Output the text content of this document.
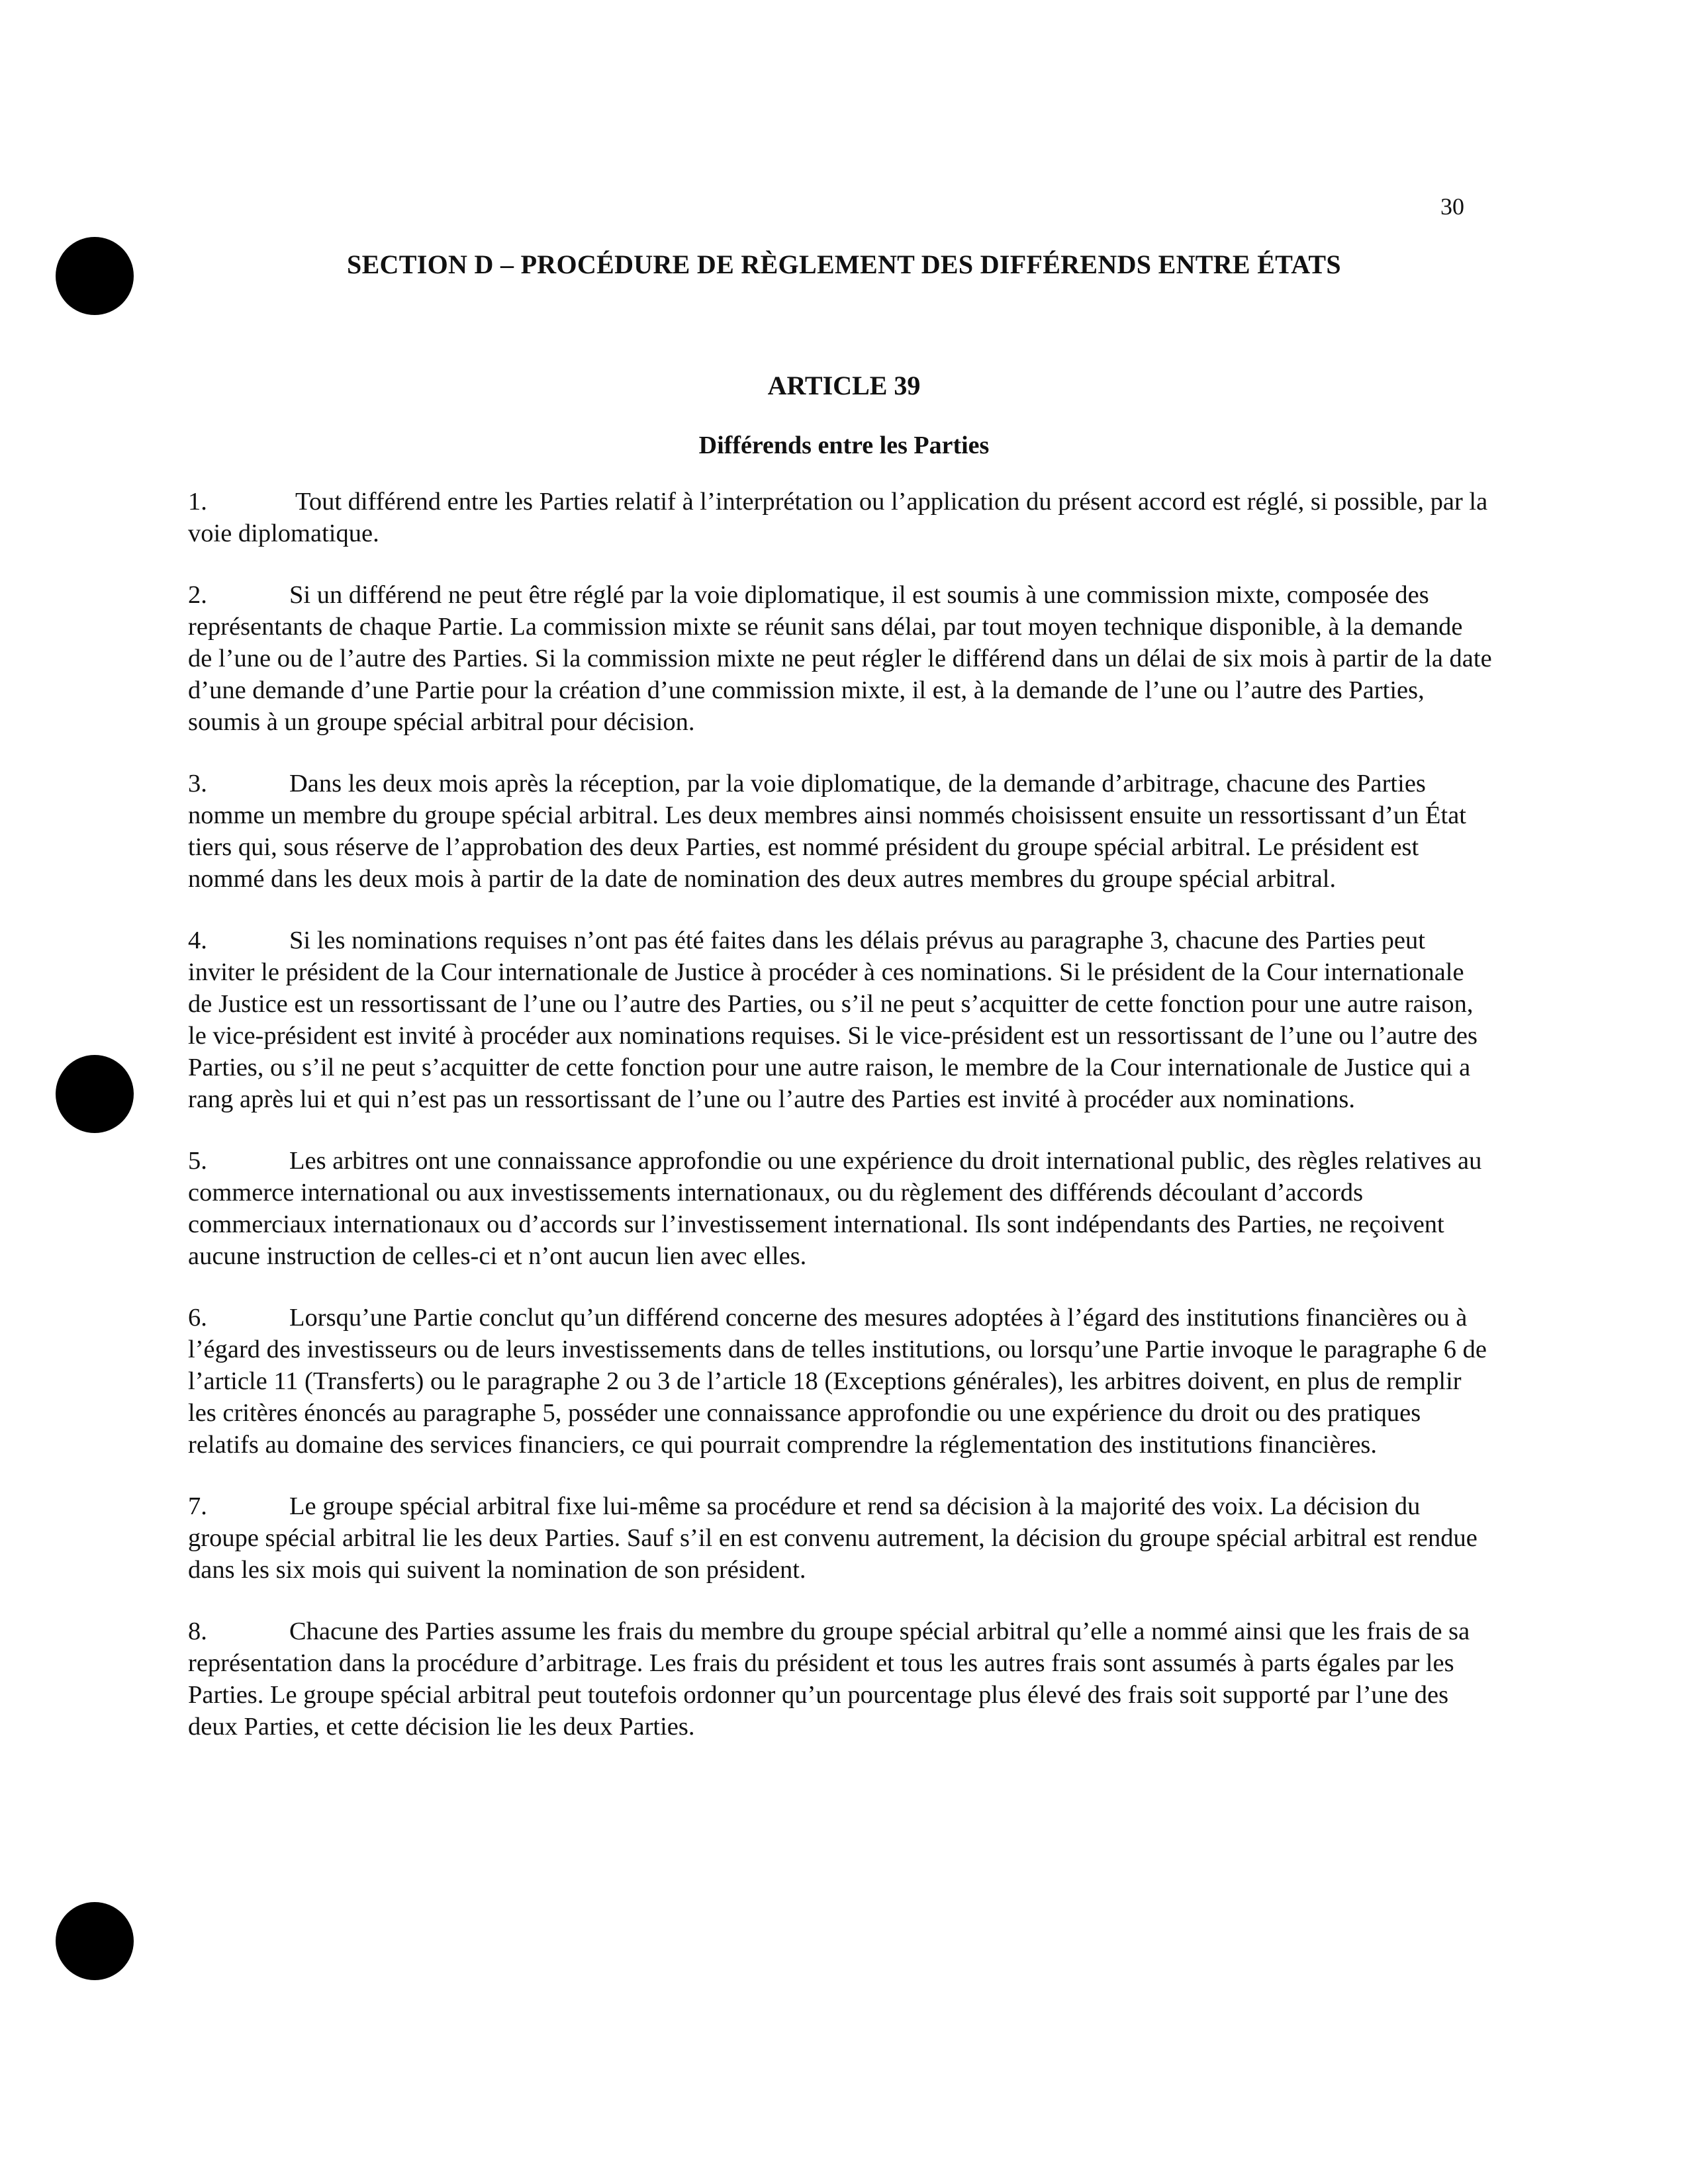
30
SECTION D – PROCÉDURE DE RÈGLEMENT DES DIFFÉRENDS ENTRE ÉTATS
ARTICLE 39
Différends entre les Parties

1.	Tout différend entre les Parties relatif à l’interprétation ou l’application du présent accord est réglé, si possible, par la voie diplomatique.

2.	Si un différend ne peut être réglé par la voie diplomatique, il est soumis à une commission mixte, composée des représentants de chaque Partie. La commission mixte se réunit sans délai, par tout moyen technique disponible, à la demande de l’une ou de l’autre des Parties. Si la commission mixte ne peut régler le différend dans un délai de six mois à partir de la date d’une demande d’une Partie pour la création d’une commission mixte, il est, à la demande de l’une ou l’autre des Parties, soumis à un groupe spécial arbitral pour décision.

3.	Dans les deux mois après la réception, par la voie diplomatique, de la demande d’arbitrage, chacune des Parties nomme un membre du groupe spécial arbitral. Les deux membres ainsi nommés choisissent ensuite un ressortissant d’un État tiers qui, sous réserve de l’approbation des deux Parties, est nommé président du groupe spécial arbitral. Le président est nommé dans les deux mois à partir de la date de nomination des deux autres membres du groupe spécial arbitral.

4.	Si les nominations requises n’ont pas été faites dans les délais prévus au paragraphe 3, chacune des Parties peut inviter le président de la Cour internationale de Justice à procéder à ces nominations. Si le président de la Cour internationale de Justice est un ressortissant de l’une ou l’autre des Parties, ou s’il ne peut s’acquitter de cette fonction pour une autre raison, le vice-président est invité à procéder aux nominations requises. Si le vice-président est un ressortissant de l’une ou l’autre des Parties, ou s’il ne peut s’acquitter de cette fonction pour une autre raison, le membre de la Cour internationale de Justice qui a rang après lui et qui n’est pas un ressortissant de l’une ou l’autre des Parties est invité à procéder aux nominations.

5.	Les arbitres ont une connaissance approfondie ou une expérience du droit international public, des règles relatives au commerce international ou aux investissements internationaux, ou du règlement des différends découlant d’accords commerciaux internationaux ou d’accords sur l’investissement international. Ils sont indépendants des Parties, ne reçoivent aucune instruction de celles-ci et n’ont aucun lien avec elles.

6.	Lorsqu’une Partie conclut qu’un différend concerne des mesures adoptées à l’égard des institutions financières ou à l’égard des investisseurs ou de leurs investissements dans de telles institutions, ou lorsqu’une Partie invoque le paragraphe 6 de l’article 11 (Transferts) ou le paragraphe 2 ou 3 de l’article 18 (Exceptions générales), les arbitres doivent, en plus de remplir les critères énoncés au paragraphe 5, posséder une connaissance approfondie ou une expérience du droit ou des pratiques relatifs au domaine des services financiers, ce qui pourrait comprendre la réglementation des institutions financières.

7.	Le groupe spécial arbitral fixe lui-même sa procédure et rend sa décision à la majorité des voix. La décision du groupe spécial arbitral lie les deux Parties. Sauf s’il en est convenu autrement, la décision du groupe spécial arbitral est rendue dans les six mois qui suivent la nomination de son président.

8.	Chacune des Parties assume les frais du membre du groupe spécial arbitral qu’elle a nommé ainsi que les frais de sa représentation dans la procédure d’arbitrage. Les frais du président et tous les autres frais sont assumés à parts égales par les Parties. Le groupe spécial arbitral peut toutefois ordonner qu’un pourcentage plus élevé des frais soit supporté par l’une des deux Parties, et cette décision lie les deux Parties.
